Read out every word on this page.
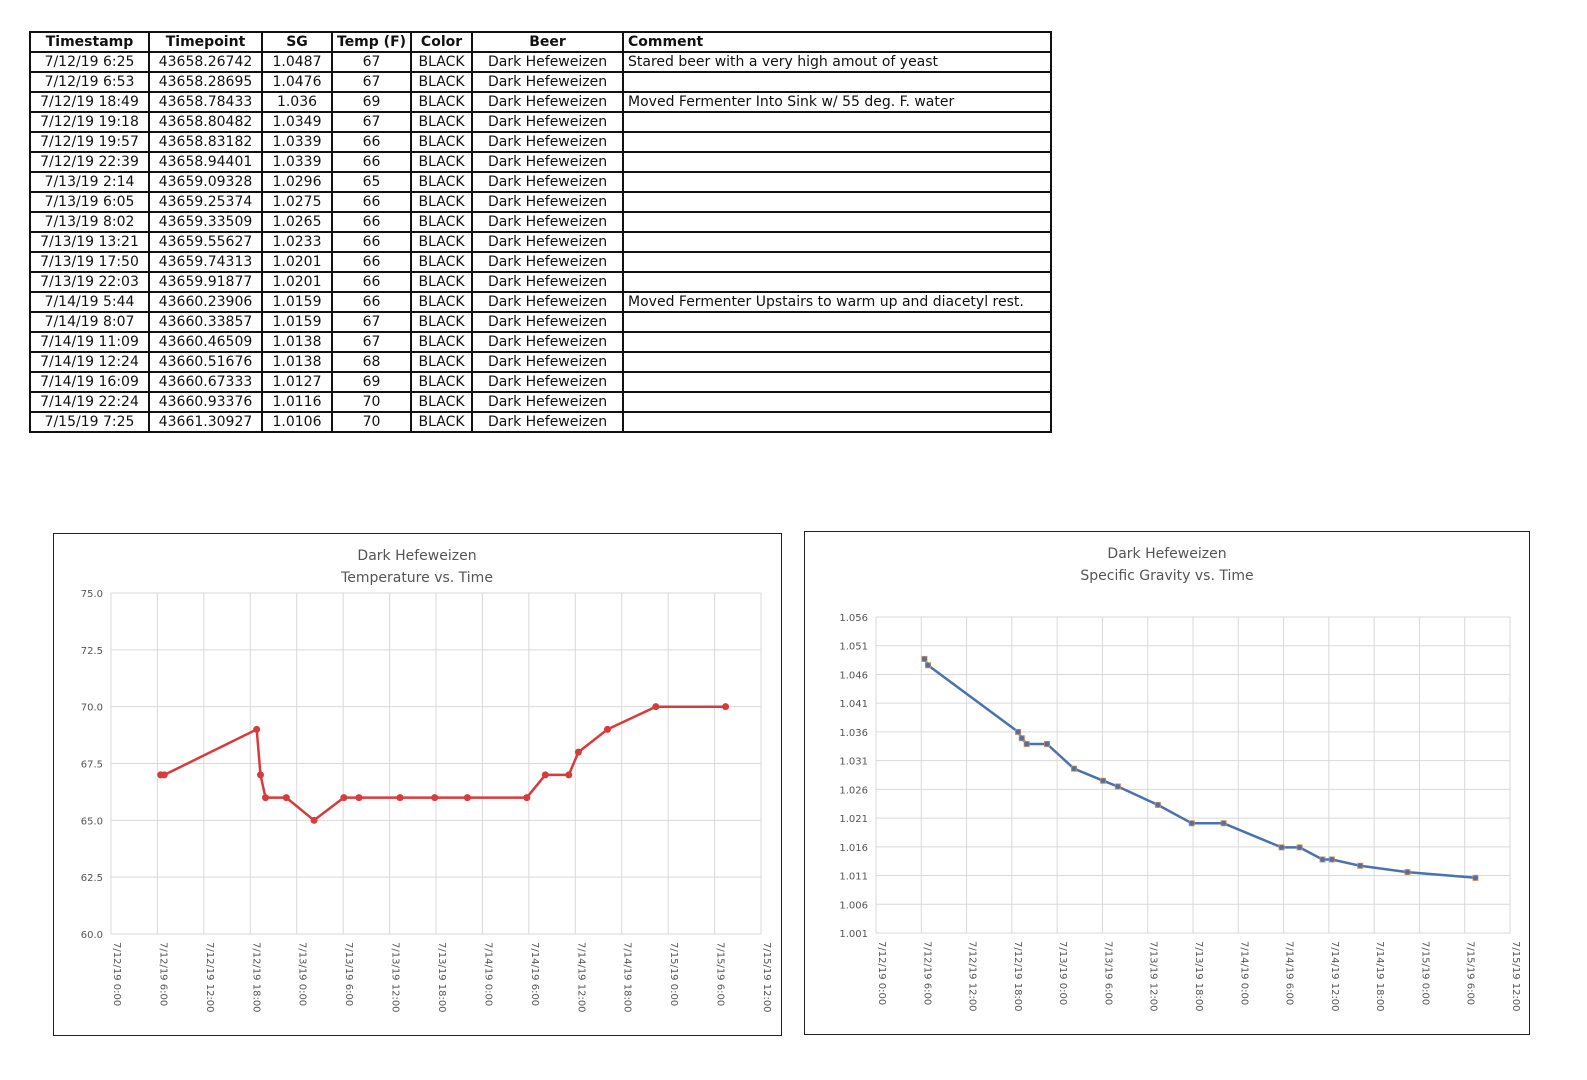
Timestamp	Timepoint	SG	Temp (F)	Color	Beer	Comment
7/12/19 6:25	43658.26742	1.0487	67	BLACK	Dark Hefeweizen	Stared beer with a very high amout of yeast
7/12/19 6:53	43658.28695	1.0476	67	BLACK	Dark Hefeweizen	
7/12/19 18:49	43658.78433	1.036	69	BLACK	Dark Hefeweizen	Moved Fermenter Into Sink w/ 55 deg. F. water
7/12/19 19:18	43658.80482	1.0349	67	BLACK	Dark Hefeweizen	
7/12/19 19:57	43658.83182	1.0339	66	BLACK	Dark Hefeweizen	
7/12/19 22:39	43658.94401	1.0339	66	BLACK	Dark Hefeweizen	
7/13/19 2:14	43659.09328	1.0296	65	BLACK	Dark Hefeweizen	
7/13/19 6:05	43659.25374	1.0275	66	BLACK	Dark Hefeweizen	
7/13/19 8:02	43659.33509	1.0265	66	BLACK	Dark Hefeweizen	
7/13/19 13:21	43659.55627	1.0233	66	BLACK	Dark Hefeweizen	
7/13/19 17:50	43659.74313	1.0201	66	BLACK	Dark Hefeweizen	
7/13/19 22:03	43659.91877	1.0201	66	BLACK	Dark Hefeweizen	
7/14/19 5:44	43660.23906	1.0159	66	BLACK	Dark Hefeweizen	Moved Fermenter Upstairs to warm up and diacetyl rest.
7/14/19 8:07	43660.33857	1.0159	67	BLACK	Dark Hefeweizen	
7/14/19 11:09	43660.46509	1.0138	67	BLACK	Dark Hefeweizen	
7/14/19 12:24	43660.51676	1.0138	68	BLACK	Dark Hefeweizen	
7/14/19 16:09	43660.67333	1.0127	69	BLACK	Dark Hefeweizen	
7/14/19 22:24	43660.93376	1.0116	70	BLACK	Dark Hefeweizen	
7/15/19 7:25	43661.30927	1.0106	70	BLACK	Dark Hefeweizen	
Dark Hefeweizen
Temperature vs. Time
60.0
62.5
65.0
67.5
70.0
72.5
75.0
7/12/19 0:00	7/12/19 6:00	7/12/19 12:00	7/12/19 18:00	7/13/19 0:00	7/13/19 6:00	7/13/19 12:00	7/13/19 18:00	7/14/19 0:00	7/14/19 6:00	7/14/19 12:00	7/14/19 18:00	7/15/19 0:00	7/15/19 6:00	7/15/19 12:00
Dark Hefeweizen
Specific Gravity vs. Time
1.001
1.006
1.011
1.016
1.021
1.026
1.031
1.036
1.041
1.046
1.051
1.056
7/12/19 0:00	7/12/19 6:00	7/12/19 12:00	7/12/19 18:00	7/13/19 0:00	7/13/19 6:00	7/13/19 12:00	7/13/19 18:00	7/14/19 0:00	7/14/19 6:00	7/14/19 12:00	7/14/19 18:00	7/15/19 0:00	7/15/19 6:00	7/15/19 12:00
